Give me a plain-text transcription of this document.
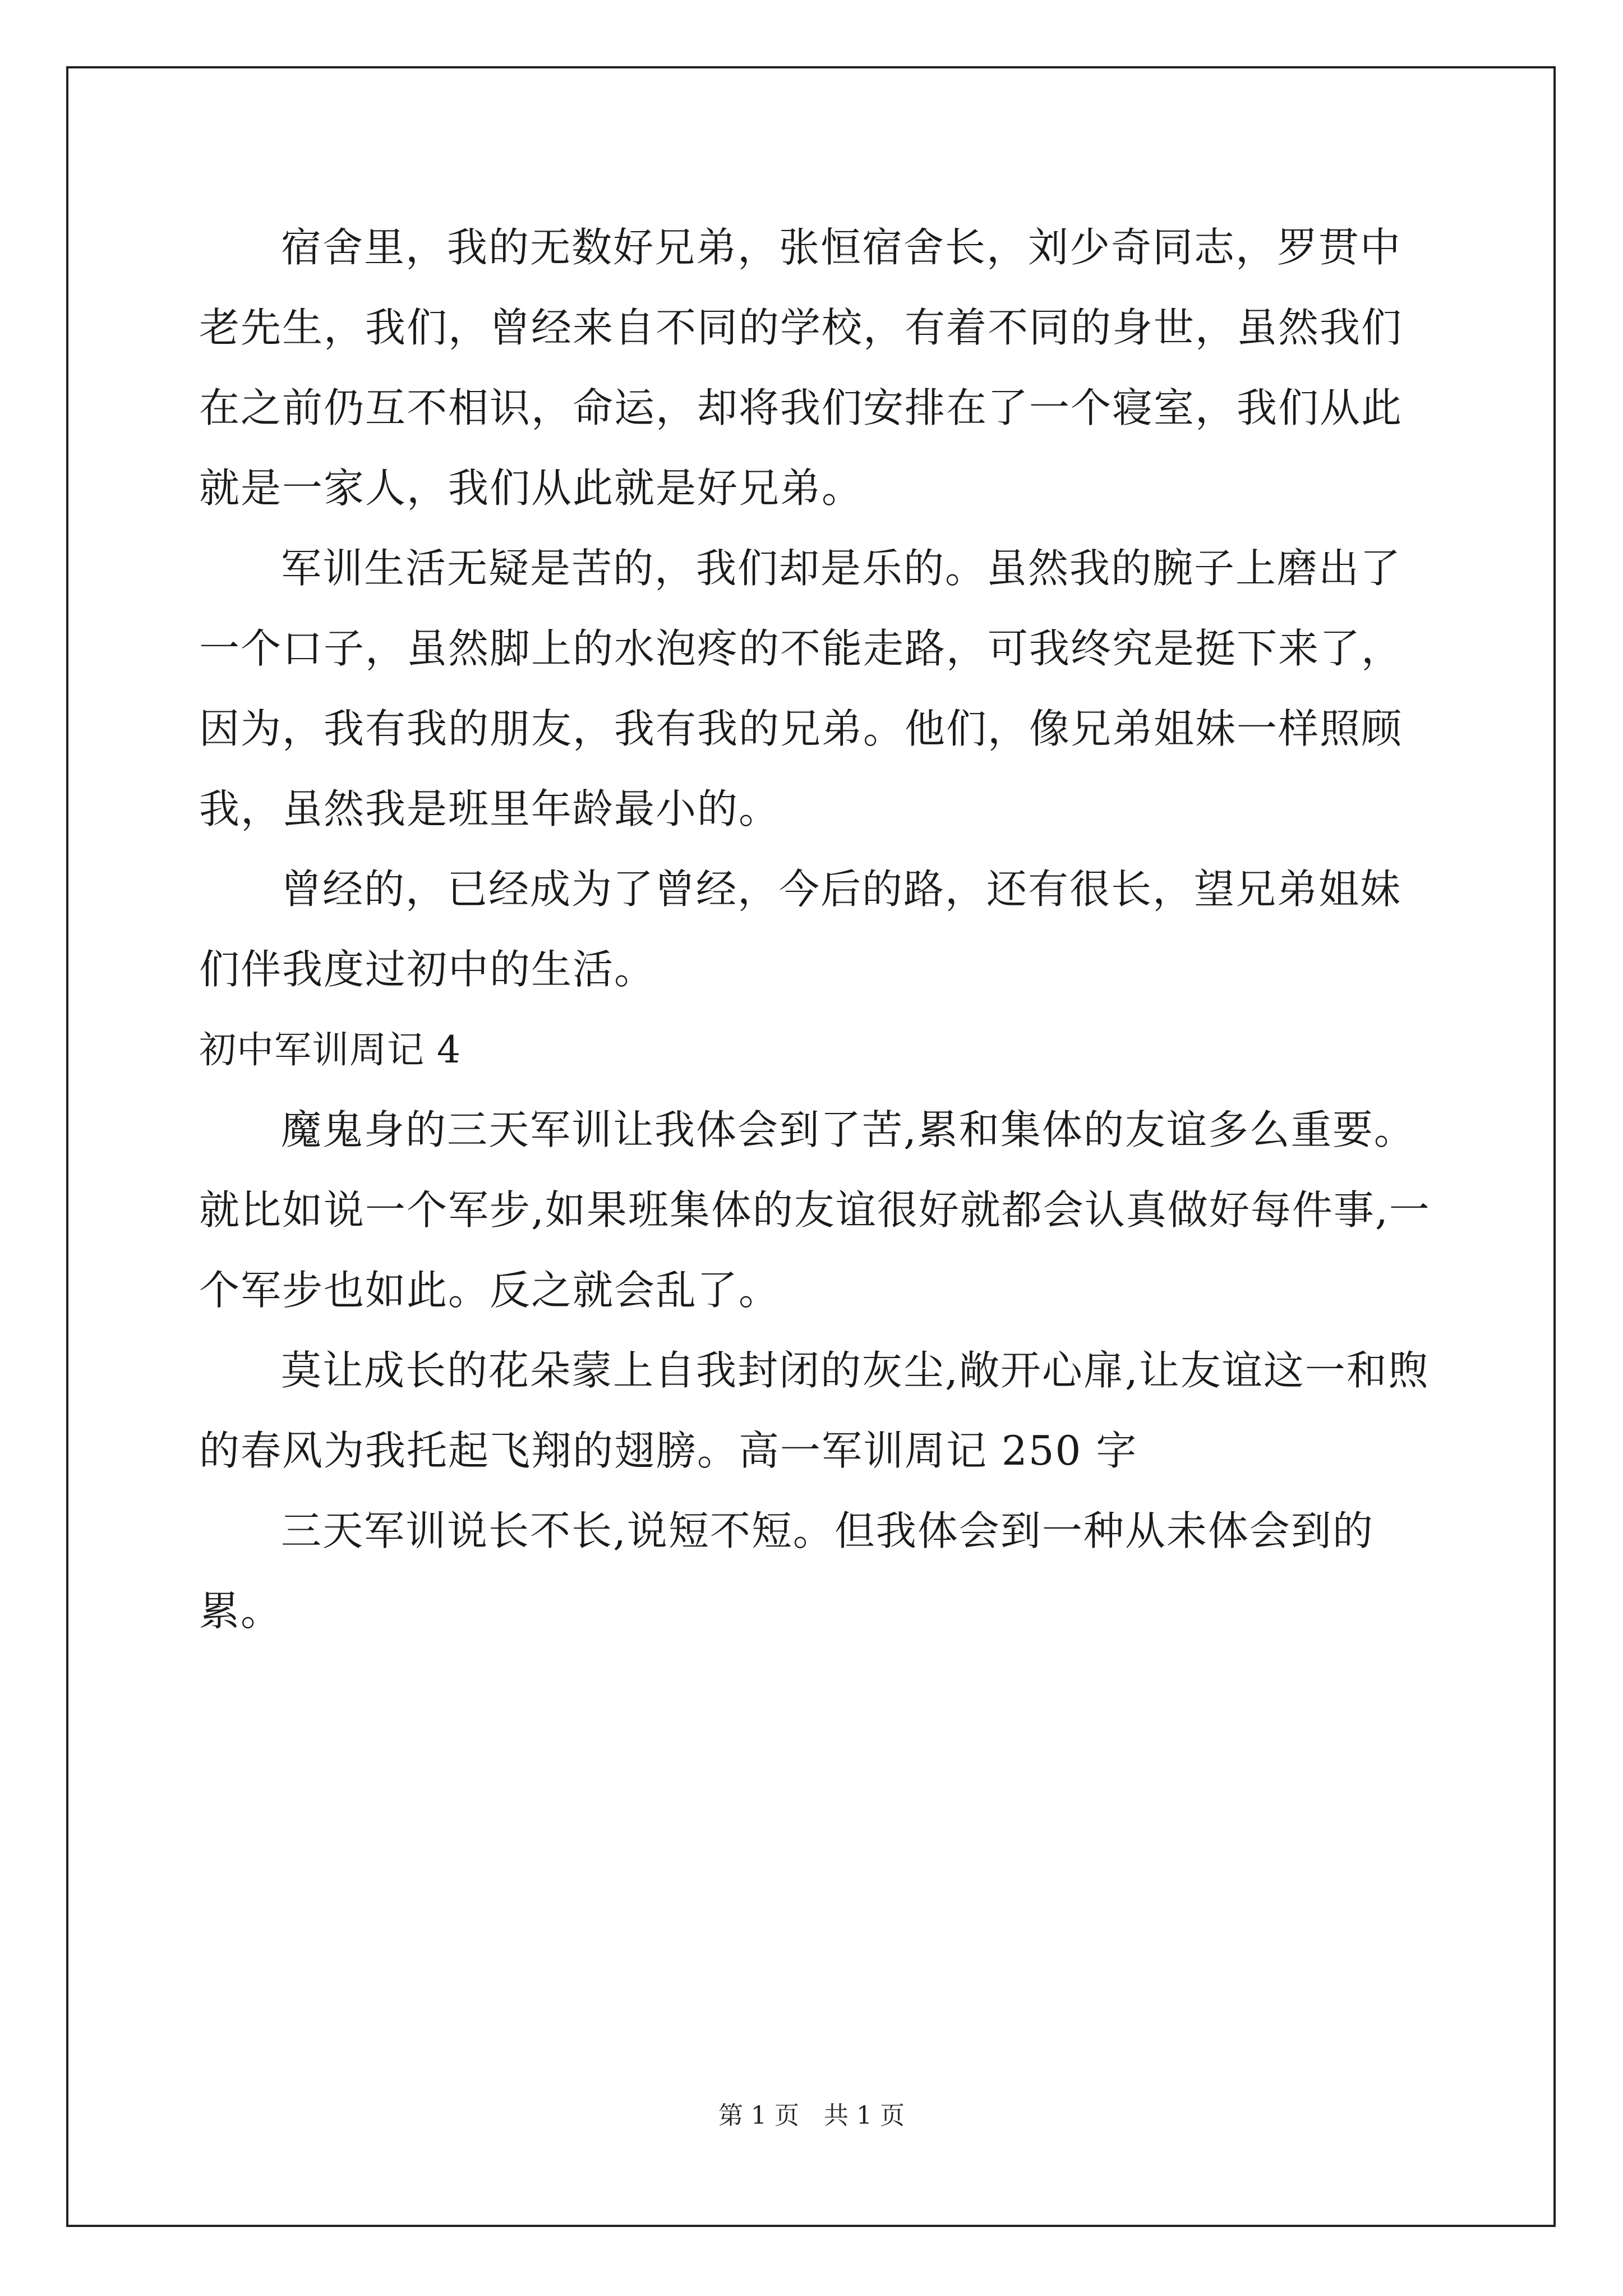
宿舍里，我的无数好兄弟，张恒宿舍长，刘少奇同志，罗贯中老先生，我们，曾经来自不同的学校，有着不同的身世，虽然我们在之前仍互不相识，命运，却将我们安排在了一个寝室，我们从此就是一家人，我们从此就是好兄弟。

军训生活无疑是苦的，我们却是乐的。虽然我的腕子上磨出了一个口子，虽然脚上的水泡疼的不能走路，可我终究是挺下来了，因为，我有我的朋友，我有我的兄弟。他们，像兄弟姐妹一样照顾我，虽然我是班里年龄最小的。

曾经的，已经成为了曾经，今后的路，还有很长，望兄弟姐妹们伴我度过初中的生活。

初中军训周记 4

魔鬼身的三天军训让我体会到了苦,累和集体的友谊多么重要。就比如说一个军步,如果班集体的友谊很好就都会认真做好每件事,一个军步也如此。反之就会乱了。

莫让成长的花朵蒙上自我封闭的灰尘,敞开心扉,让友谊这一和煦的春风为我托起飞翔的翅膀。高一军训周记 250 字

三天军训说长不长,说短不短。但我体会到一种从未体会到的累。

第 1 页　共 1 页
